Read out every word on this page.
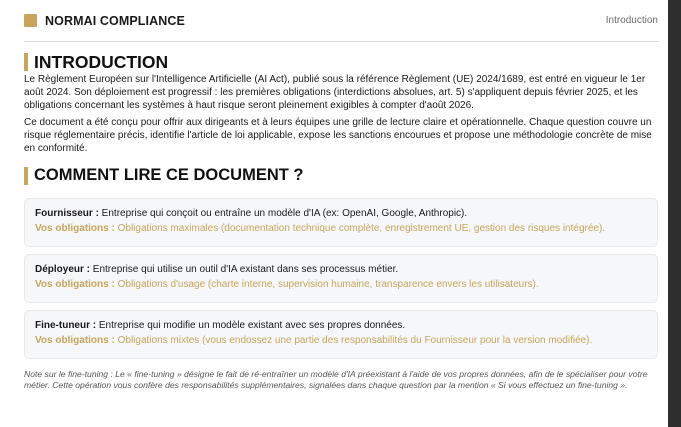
NORMAI COMPLIANCE	Introduction
INTRODUCTION

Le Règlement Européen sur l'Intelligence Artificielle (AI Act), publié sous la référence Règlement (UE) 2024/1689, est entré en vigueur le 1er août 2024. Son déploiement est progressif : les premières obligations (interdictions absolues, art. 5) s'appliquent depuis février 2025, et les obligations concernant les systèmes à haut risque seront pleinement exigibles à compter d'août 2026.

Ce document a été conçu pour offrir aux dirigeants et à leurs équipes une grille de lecture claire et opérationnelle. Chaque question couvre un risque réglementaire précis, identifie l'article de loi applicable, expose les sanctions encourues et propose une méthodologie concrète de mise en conformité.

COMMENT LIRE CE DOCUMENT ?
Fournisseur : Entreprise qui conçoit ou entraîne un modèle d'IA (ex: OpenAI, Google, Anthropic).
Vos obligations : Obligations maximales (documentation technique complète, enregistrement UE, gestion des risques intégrée).
Déployeur : Entreprise qui utilise un outil d'IA existant dans ses processus métier.
Vos obligations : Obligations d'usage (charte interne, supervision humaine, transparence envers les utilisateurs).
Fine-tuneur : Entreprise qui modifie un modèle existant avec ses propres données.
Vos obligations : Obligations mixtes (vous endossez une partie des responsabilités du Fournisseur pour la version modifiée).

Note sur le fine-tuning : Le « fine-tuning » désigne le fait de ré-entraîner un modèle d'IA préexistant à l'aide de vos propres données, afin de le spécialiser pour votre métier. Cette opération vous confère des responsabilités supplémentaires, signalées dans chaque question par la mention « Si vous effectuez un fine-tuning ».
